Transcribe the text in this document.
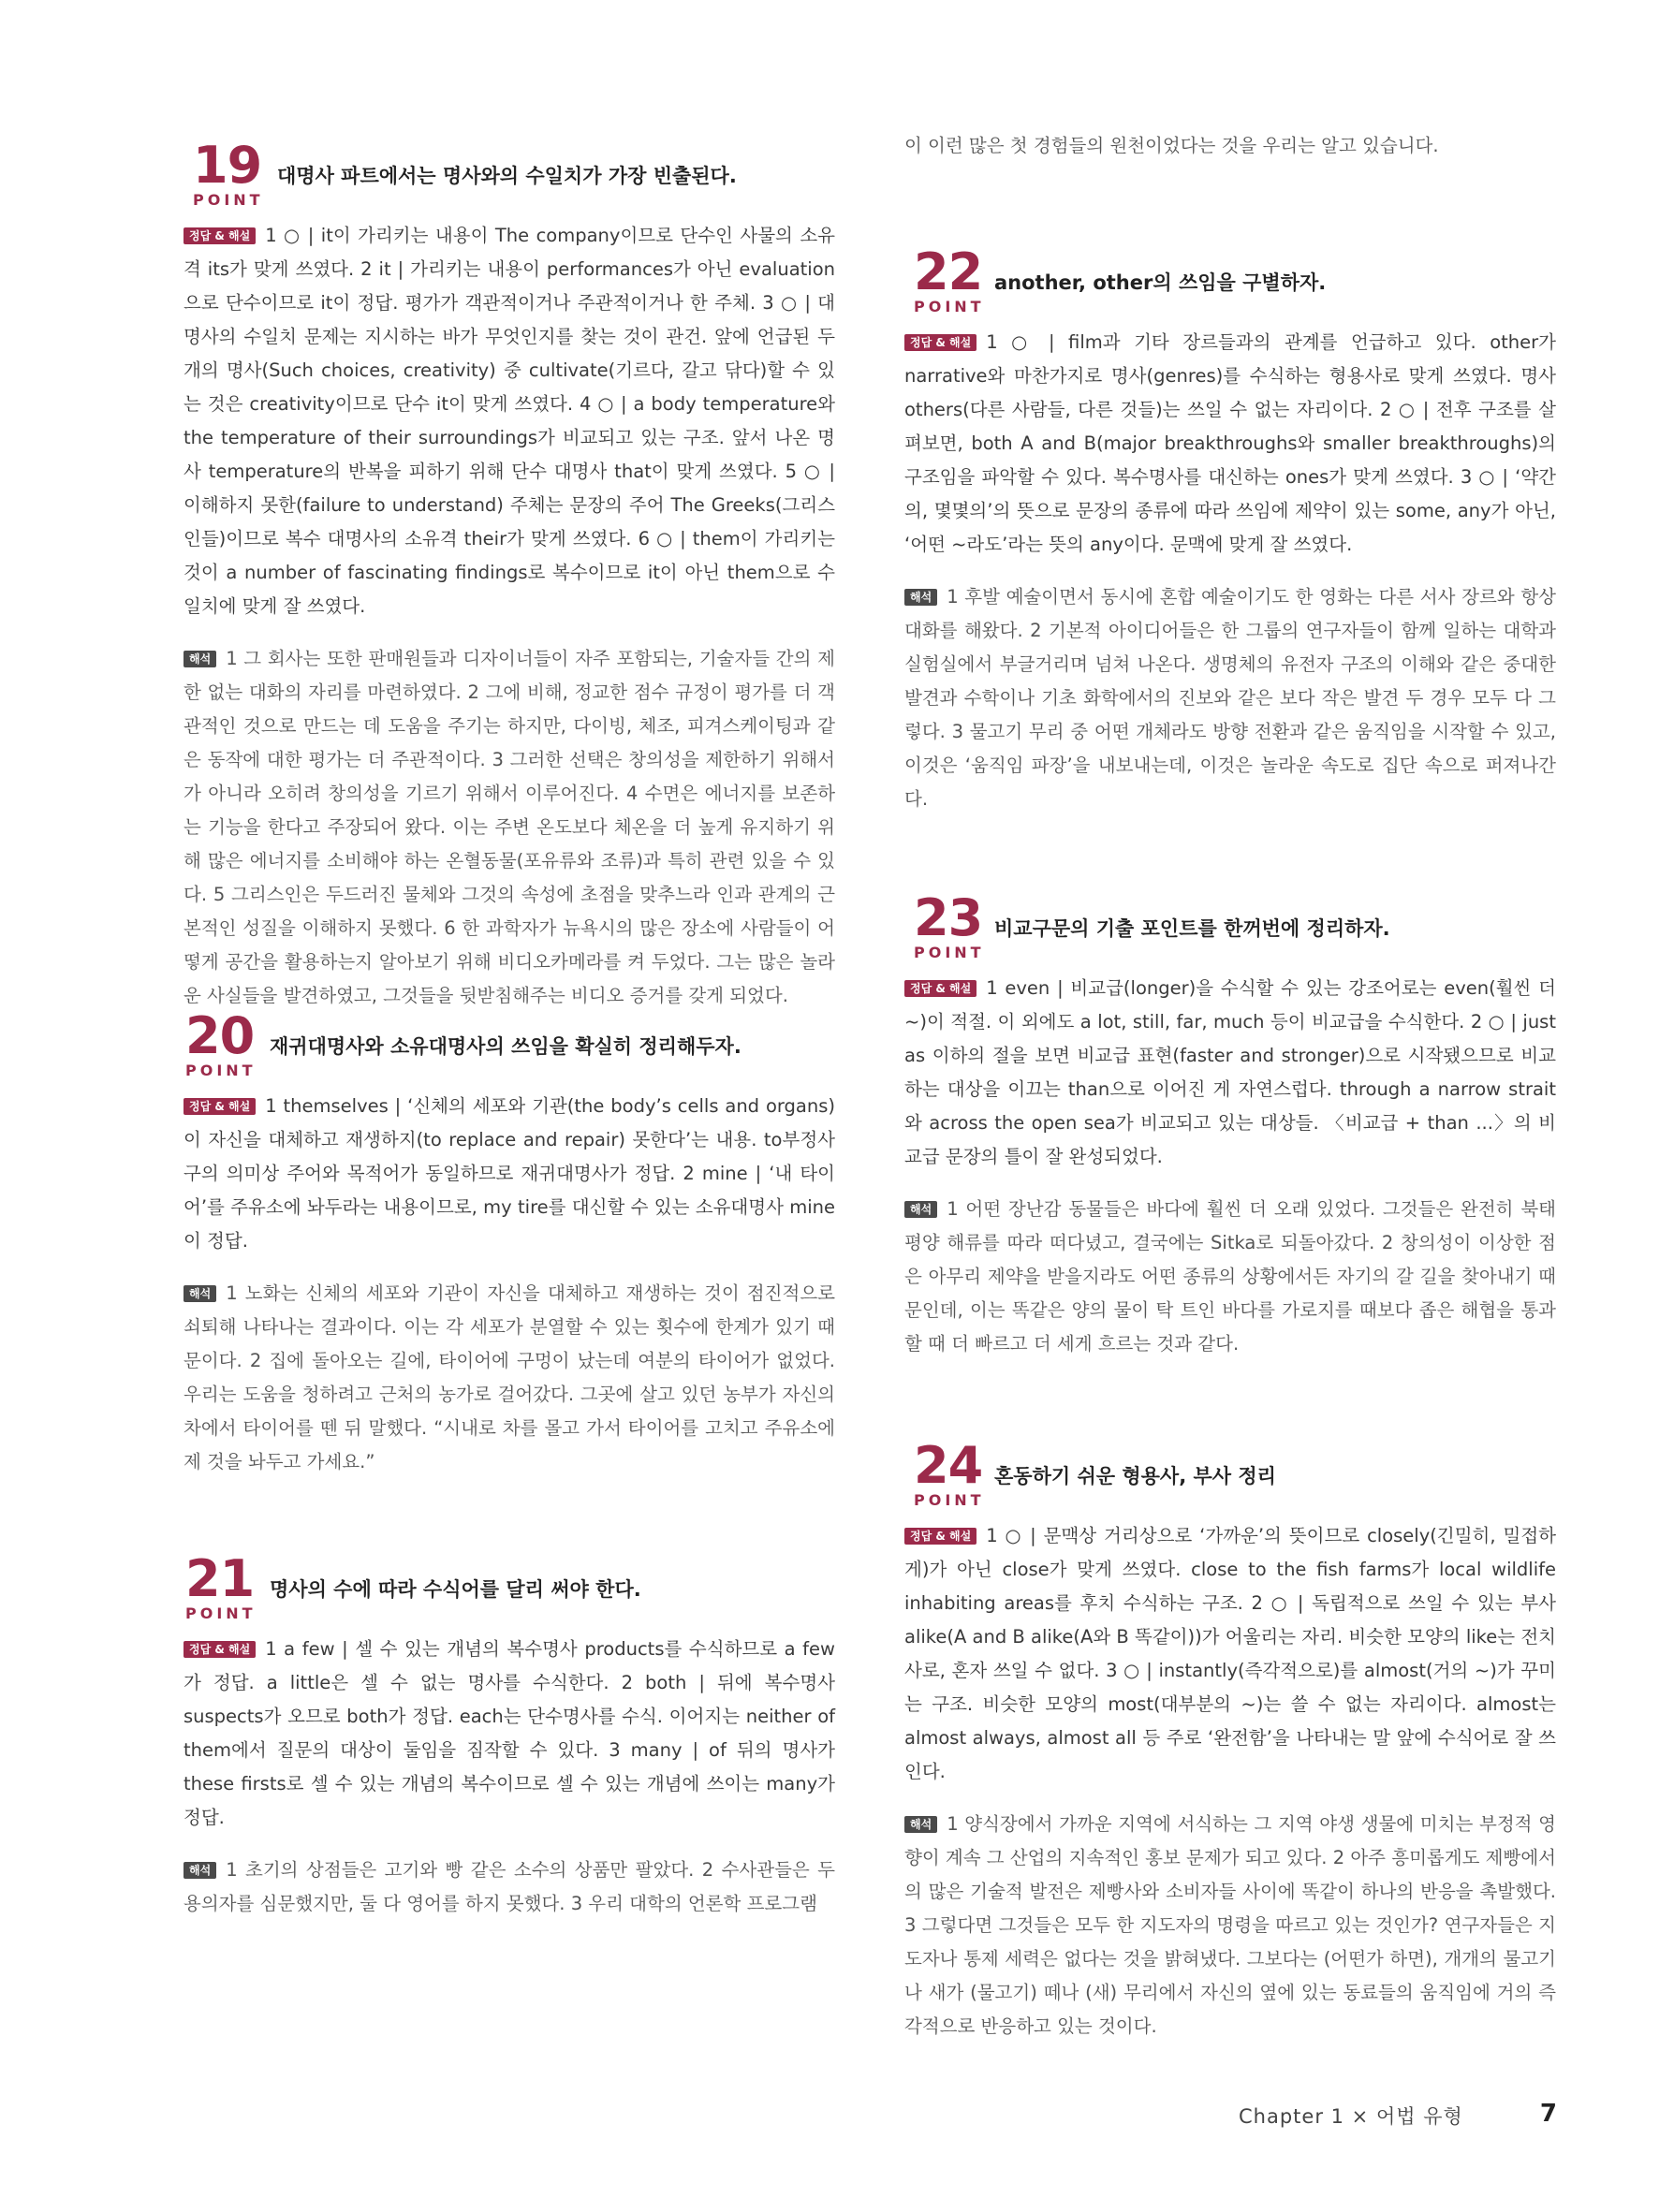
19
POINT
대명사 파트에서는 명사와의 수일치가 가장 빈출된다.

정답 & 해설 1 ○ | it이 가리키는 내용이 The company이므로 단수인 사물의 소유격 its가 맞게 쓰였다. 2 it | 가리키는 내용이 performances가 아닌 evaluation으로 단수이므로 it이 정답. 평가가 객관적이거나 주관적이거나 한 주체. 3 ○ | 대명사의 수일치 문제는 지시하는 바가 무엇인지를 찾는 것이 관건. 앞에 언급된 두 개의 명사(Such choices, creativity) 중 cultivate(기르다, 갈고 닦다)할 수 있는 것은 creativity이므로 단수 it이 맞게 쓰였다. 4 ○ | a body temperature와 the temperature of their surroundings가 비교되고 있는 구조. 앞서 나온 명사 temperature의 반복을 피하기 위해 단수 대명사 that이 맞게 쓰였다. 5 ○ | 이해하지 못한(failure to understand) 주체는 문장의 주어 The Greeks(그리스인들)이므로 복수 대명사의 소유격 their가 맞게 쓰였다. 6 ○ | them이 가리키는 것이 a number of fascinating findings로 복수이므로 it이 아닌 them으로 수일치에 맞게 잘 쓰였다.

해석 1 그 회사는 또한 판매원들과 디자이너들이 자주 포함되는, 기술자들 간의 제한 없는 대화의 자리를 마련하였다. 2 그에 비해, 정교한 점수 규정이 평가를 더 객관적인 것으로 만드는 데 도움을 주기는 하지만, 다이빙, 체조, 피겨스케이팅과 같은 동작에 대한 평가는 더 주관적이다. 3 그러한 선택은 창의성을 제한하기 위해서가 아니라 오히려 창의성을 기르기 위해서 이루어진다. 4 수면은 에너지를 보존하는 기능을 한다고 주장되어 왔다. 이는 주변 온도보다 체온을 더 높게 유지하기 위해 많은 에너지를 소비해야 하는 온혈동물(포유류와 조류)과 특히 관련 있을 수 있다. 5 그리스인은 두드러진 물체와 그것의 속성에 초점을 맞추느라 인과 관계의 근본적인 성질을 이해하지 못했다. 6 한 과학자가 뉴욕시의 많은 장소에 사람들이 어떻게 공간을 활용하는지 알아보기 위해 비디오카메라를 켜 두었다. 그는 많은 놀라운 사실들을 발견하였고, 그것들을 뒷받침해주는 비디오 증거를 갖게 되었다.

20
POINT
재귀대명사와 소유대명사의 쓰임을 확실히 정리해두자.

정답 & 해설 1 themselves | ‘신체의 세포와 기관(the body’s cells and organs)이 자신을 대체하고 재생하지(to replace and repair) 못한다’는 내용. to부정사구의 의미상 주어와 목적어가 동일하므로 재귀대명사가 정답. 2 mine | ‘내 타이어’를 주유소에 놔두라는 내용이므로, my tire를 대신할 수 있는 소유대명사 mine이 정답.

해석 1 노화는 신체의 세포와 기관이 자신을 대체하고 재생하는 것이 점진적으로 쇠퇴해 나타나는 결과이다. 이는 각 세포가 분열할 수 있는 횟수에 한계가 있기 때문이다. 2 집에 돌아오는 길에, 타이어에 구멍이 났는데 여분의 타이어가 없었다. 우리는 도움을 청하려고 근처의 농가로 걸어갔다. 그곳에 살고 있던 농부가 자신의 차에서 타이어를 뗀 뒤 말했다. “시내로 차를 몰고 가서 타이어를 고치고 주유소에 제 것을 놔두고 가세요.”

21
POINT
명사의 수에 따라 수식어를 달리 써야 한다.

정답 & 해설 1 a few | 셀 수 있는 개념의 복수명사 products를 수식하므로 a few가 정답. a little은 셀 수 없는 명사를 수식한다. 2 both | 뒤에 복수명사 suspects가 오므로 both가 정답. each는 단수명사를 수식. 이어지는 neither of them에서 질문의 대상이 둘임을 짐작할 수 있다. 3 many | of 뒤의 명사가 these firsts로 셀 수 있는 개념의 복수이므로 셀 수 있는 개념에 쓰이는 many가 정답.

해석 1 초기의 상점들은 고기와 빵 같은 소수의 상품만 팔았다. 2 수사관들은 두 용의자를 심문했지만, 둘 다 영어를 하지 못했다. 3 우리 대학의 언론학 프로그램

이 이런 많은 첫 경험들의 원천이었다는 것을 우리는 알고 있습니다.

22
POINT
another, other의 쓰임을 구별하자.

정답 & 해설 1 ○ | film과 기타 장르들과의 관계를 언급하고 있다. other가 narrative와 마찬가지로 명사(genres)를 수식하는 형용사로 맞게 쓰였다. 명사 others(다른 사람들, 다른 것들)는 쓰일 수 없는 자리이다. 2 ○ | 전후 구조를 살펴보면, both A and B(major breakthroughs와 smaller breakthroughs)의 구조임을 파악할 수 있다. 복수명사를 대신하는 ones가 맞게 쓰였다. 3 ○ | ‘약간의, 몇몇의’의 뜻으로 문장의 종류에 따라 쓰임에 제약이 있는 some, any가 아닌, ‘어떤 ~라도’라는 뜻의 any이다. 문맥에 맞게 잘 쓰였다.

해석 1 후발 예술이면서 동시에 혼합 예술이기도 한 영화는 다른 서사 장르와 항상 대화를 해왔다. 2 기본적 아이디어들은 한 그룹의 연구자들이 함께 일하는 대학과 실험실에서 부글거리며 넘쳐 나온다. 생명체의 유전자 구조의 이해와 같은 중대한 발견과 수학이나 기초 화학에서의 진보와 같은 보다 작은 발견 두 경우 모두 다 그렇다. 3 물고기 무리 중 어떤 개체라도 방향 전환과 같은 움직임을 시작할 수 있고, 이것은 ‘움직임 파장’을 내보내는데, 이것은 놀라운 속도로 집단 속으로 퍼져나간다.

23
POINT
비교구문의 기출 포인트를 한꺼번에 정리하자.

정답 & 해설 1 even | 비교급(longer)을 수식할 수 있는 강조어로는 even(훨씬 더 ~)이 적절. 이 외에도 a lot, still, far, much 등이 비교급을 수식한다. 2 ○ | just as 이하의 절을 보면 비교급 표현(faster and stronger)으로 시작됐으므로 비교하는 대상을 이끄는 than으로 이어진 게 자연스럽다. through a narrow strait와 across the open sea가 비교되고 있는 대상들. 〈비교급 + than ...〉의 비교급 문장의 틀이 잘 완성되었다.

해석 1 어떤 장난감 동물들은 바다에 훨씬 더 오래 있었다. 그것들은 완전히 북태평양 해류를 따라 떠다녔고, 결국에는 Sitka로 되돌아갔다. 2 창의성이 이상한 점은 아무리 제약을 받을지라도 어떤 종류의 상황에서든 자기의 갈 길을 찾아내기 때문인데, 이는 똑같은 양의 물이 탁 트인 바다를 가로지를 때보다 좁은 해협을 통과할 때 더 빠르고 더 세게 흐르는 것과 같다.

24
POINT
혼동하기 쉬운 형용사, 부사 정리

정답 & 해설 1 ○ | 문맥상 거리상으로 ‘가까운’의 뜻이므로 closely(긴밀히, 밀접하게)가 아닌 close가 맞게 쓰였다. close to the fish farms가 local wildlife inhabiting areas를 후치 수식하는 구조. 2 ○ | 독립적으로 쓰일 수 있는 부사 alike(A and B alike(A와 B 똑같이))가 어울리는 자리. 비슷한 모양의 like는 전치사로, 혼자 쓰일 수 없다. 3 ○ | instantly(즉각적으로)를 almost(거의 ~)가 꾸미는 구조. 비슷한 모양의 most(대부분의 ~)는 쓸 수 없는 자리이다. almost는 almost always, almost all 등 주로 ‘완전함’을 나타내는 말 앞에 수식어로 잘 쓰인다.

해석 1 양식장에서 가까운 지역에 서식하는 그 지역 야생 생물에 미치는 부정적 영향이 계속 그 산업의 지속적인 홍보 문제가 되고 있다. 2 아주 흥미롭게도 제빵에서의 많은 기술적 발전은 제빵사와 소비자들 사이에 똑같이 하나의 반응을 촉발했다. 3 그렇다면 그것들은 모두 한 지도자의 명령을 따르고 있는 것인가? 연구자들은 지도자나 통제 세력은 없다는 것을 밝혀냈다. 그보다는 (어떤가 하면), 개개의 물고기나 새가 (물고기) 떼나 (새) 무리에서 자신의 옆에 있는 동료들의 움직임에 거의 즉각적으로 반응하고 있는 것이다.

Chapter 1 × 어법 유형	7
